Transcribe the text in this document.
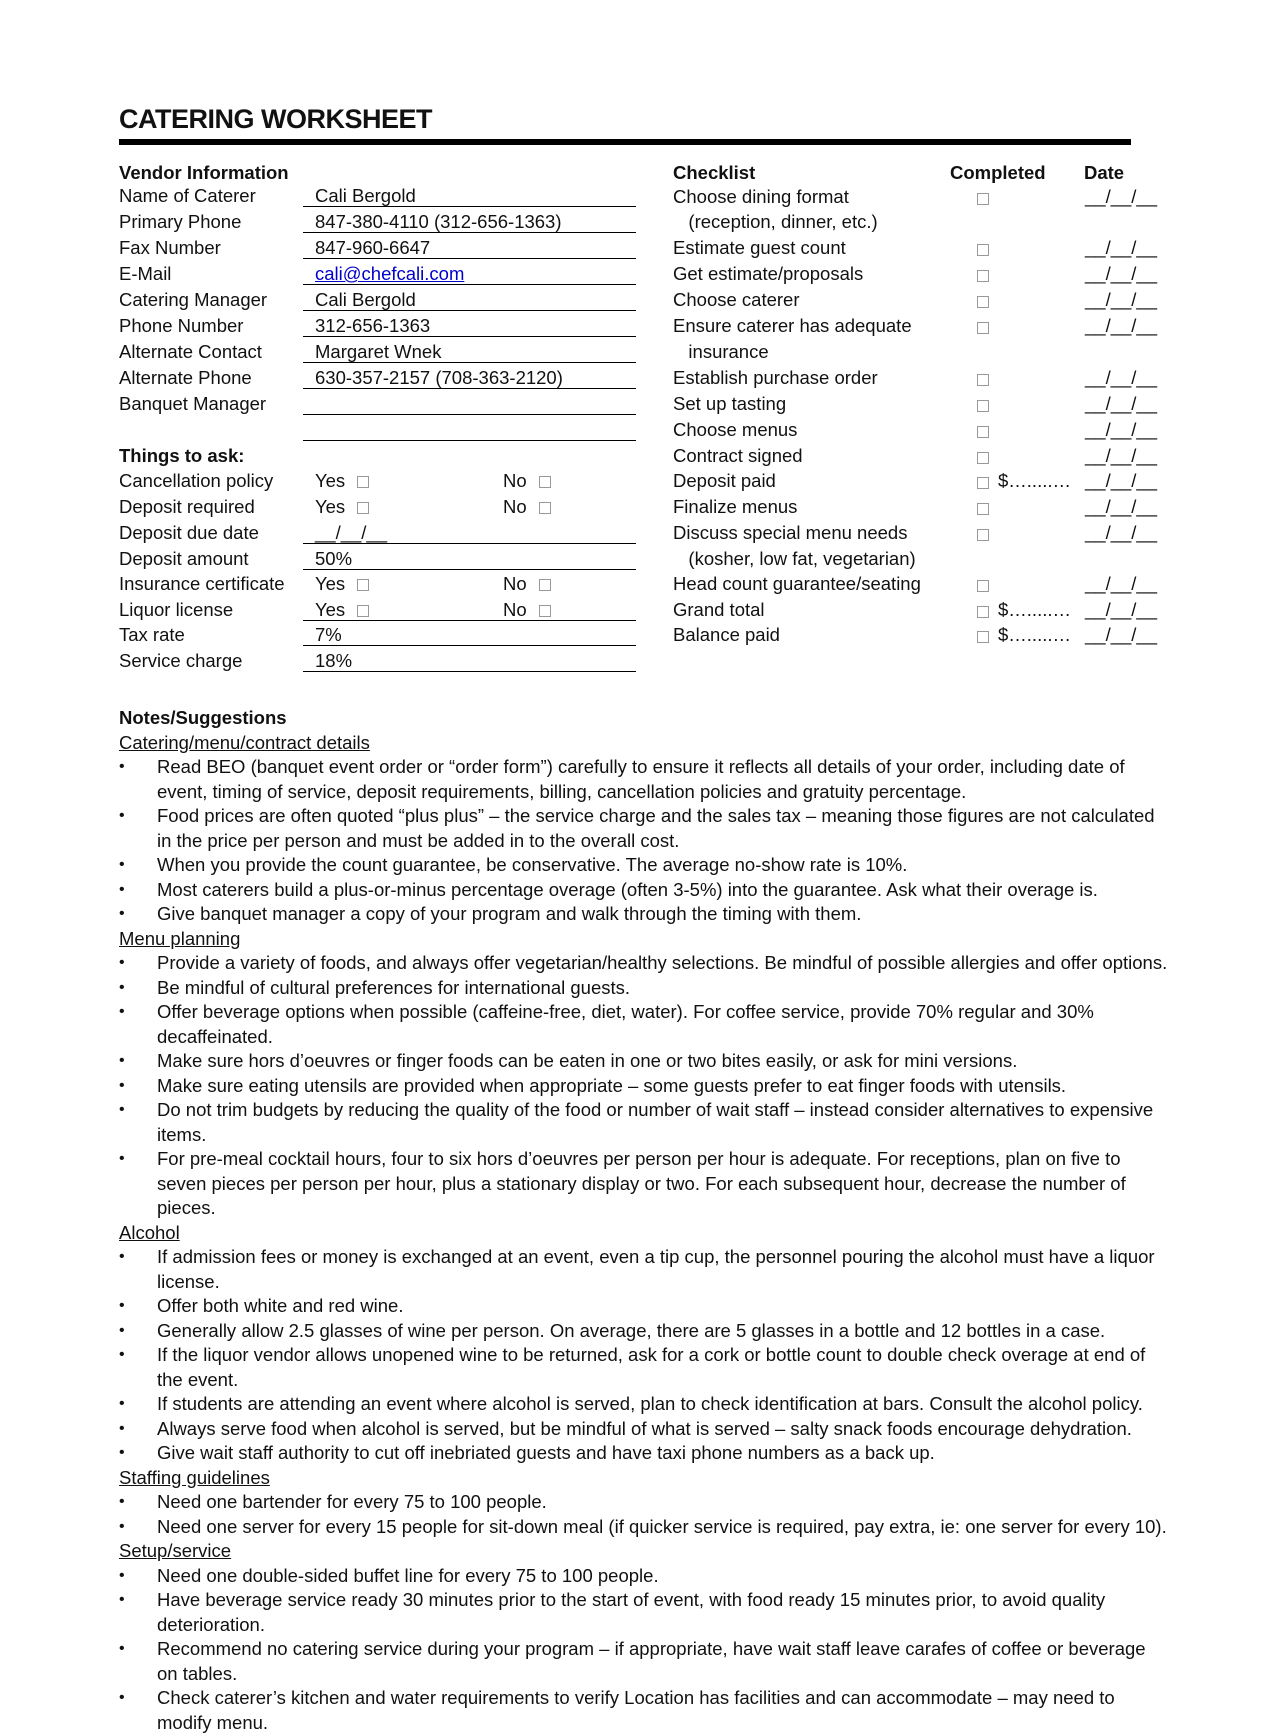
CATERING WORKSHEET
Vendor Information
Name of Caterer	Cali Bergold
Primary Phone	847-380-4110 (312-656-1363)
Fax Number	847-960-6647
E-Mail	cali@chefcali.com
Catering Manager	Cali Bergold
Phone Number	312-656-1363
Alternate Contact	Margaret Wnek
Alternate Phone	630-357-2157 (708-363-2120)
Banquet Manager
Things to ask:
Cancellation policy Yes	No
Deposit required	Yes	No
Deposit due date	__/__/__
Deposit amount	50%
Insurance certificate Yes	No
Liquor license	Yes	No
Tax rate	7%
Service charge	18%
Checklist	Completed Date
Choose dining format	__/__/__
(reception, dinner, etc.)
Estimate guest count	__/__/__
Get estimate/proposals	__/__/__
Choose caterer	__/__/__
Ensure caterer has adequate	__/__/__
insurance
Establish purchase order	__/__/__
Set up tasting	__/__/__
Choose menus	__/__/__
Contract signed	__/__/__
Deposit paid	$….....… __/__/__
Finalize menus	__/__/__
Discuss special menu needs	__/__/__
(kosher, low fat, vegetarian)
Head count guarantee/seating	__/__/__
Grand total	$….....… __/__/__
Balance paid	$….....… __/__/__
Notes/Suggestions
Catering/menu/contract details
• Read BEO (banquet event order or “order form”) carefully to ensure it reflects all details of your order, including date of event, timing of service, deposit requirements, billing, cancellation policies and gratuity percentage.
• Food prices are often quoted “plus plus” – the service charge and the sales tax – meaning those figures are not calculated in the price per person and must be added in to the overall cost.
• When you provide the count guarantee, be conservative. The average no-show rate is 10%.
• Most caterers build a plus-or-minus percentage overage (often 3-5%) into the guarantee. Ask what their overage is.
• Give banquet manager a copy of your program and walk through the timing with them.
Menu planning
• Provide a variety of foods, and always offer vegetarian/healthy selections. Be mindful of possible allergies and offer options.
• Be mindful of cultural preferences for international guests.
• Offer beverage options when possible (caffeine-free, diet, water). For coffee service, provide 70% regular and 30% decaffeinated.
• Make sure hors d’oeuvres or finger foods can be eaten in one or two bites easily, or ask for mini versions.
• Make sure eating utensils are provided when appropriate – some guests prefer to eat finger foods with utensils.
• Do not trim budgets by reducing the quality of the food or number of wait staff – instead consider alternatives to expensive items.
• For pre-meal cocktail hours, four to six hors d’oeuvres per person per hour is adequate. For receptions, plan on five to seven pieces per person per hour, plus a stationary display or two. For each subsequent hour, decrease the number of pieces.
Alcohol
• If admission fees or money is exchanged at an event, even a tip cup, the personnel pouring the alcohol must have a liquor license.
• Offer both white and red wine.
• Generally allow 2.5 glasses of wine per person. On average, there are 5 glasses in a bottle and 12 bottles in a case.
• If the liquor vendor allows unopened wine to be returned, ask for a cork or bottle count to double check overage at end of the event.
• If students are attending an event where alcohol is served, plan to check identification at bars. Consult the alcohol policy.
• Always serve food when alcohol is served, but be mindful of what is served – salty snack foods encourage dehydration.
• Give wait staff authority to cut off inebriated guests and have taxi phone numbers as a back up.
Staffing guidelines
• Need one bartender for every 75 to 100 people.
• Need one server for every 15 people for sit-down meal (if quicker service is required, pay extra, ie: one server for every 10).
Setup/service
• Need one double-sided buffet line for every 75 to 100 people.
• Have beverage service ready 30 minutes prior to the start of event, with food ready 15 minutes prior, to avoid quality deterioration.
• Recommend no catering service during your program – if appropriate, have wait staff leave carafes of coffee or beverage on tables.
• Check caterer’s kitchen and water requirements to verify Location has facilities and can accommodate – may need to modify menu.
